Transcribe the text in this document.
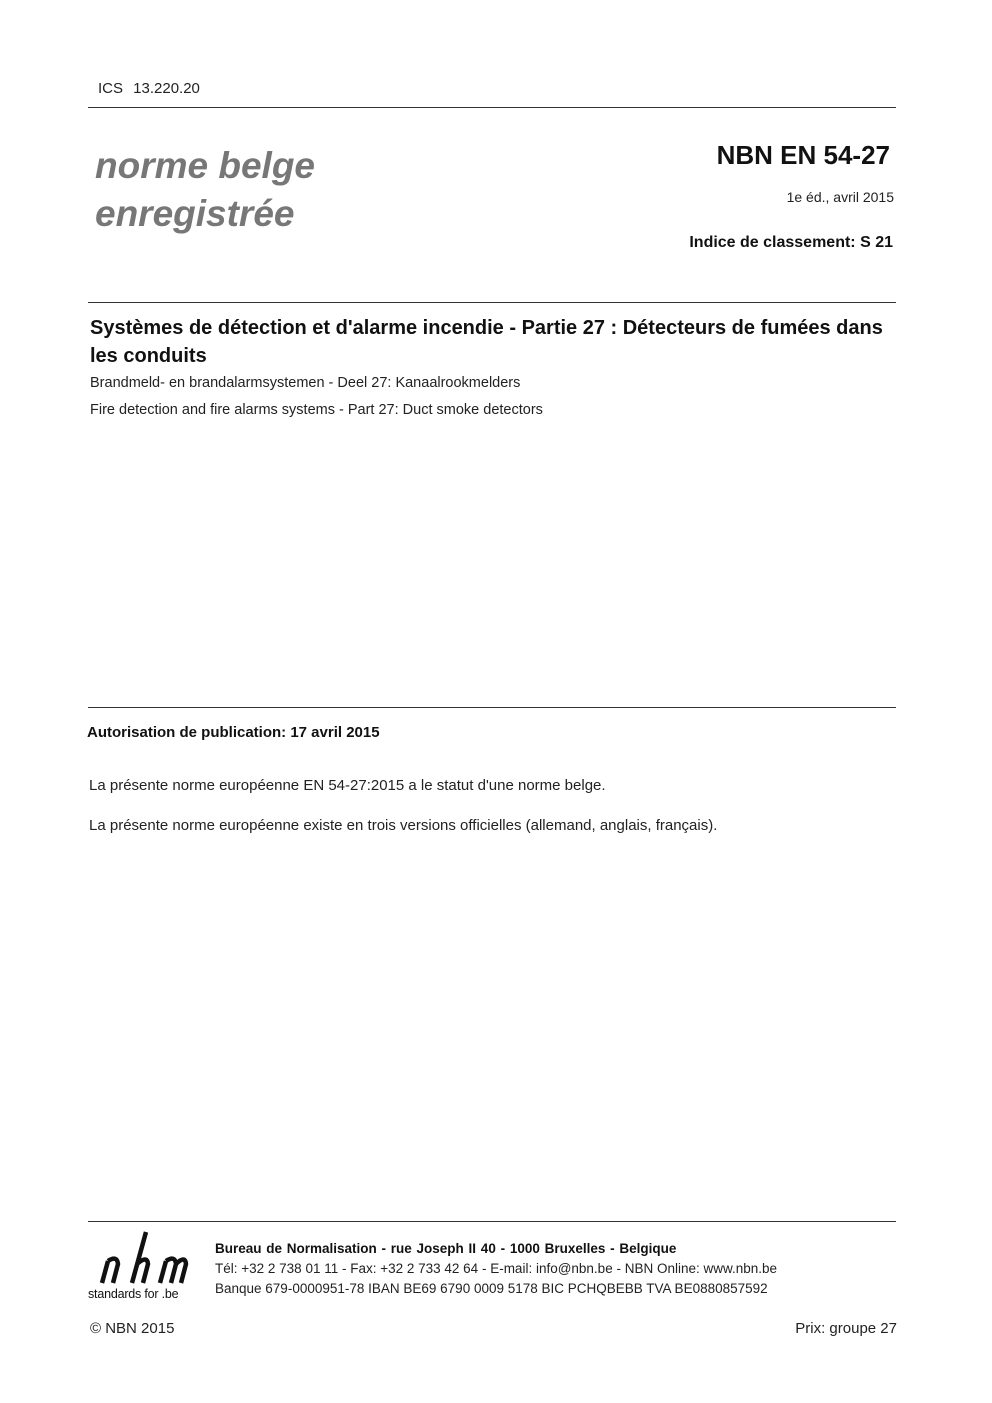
ICS 13.220.20
norme belge
enregistrée
NBN EN 54-27
1e éd., avril 2015
Indice de classement: S 21
Systèmes de détection et d'alarme incendie - Partie 27 : Détecteurs de fumées dans les conduits
Brandmeld- en brandalarmsystemen - Deel 27: Kanaalrookmelders
Fire detection and fire alarms systems - Part 27: Duct smoke detectors
Autorisation de publication: 17 avril 2015
La présente norme européenne EN 54-27:2015 a le statut d'une norme belge.
La présente norme européenne existe en trois versions officielles (allemand, anglais, français).
standards for .be
Bureau de Normalisation - rue Joseph II 40 - 1000 Bruxelles - Belgique
Tél: +32 2 738 01 11 - Fax: +32 2 733 42 64 - E-mail: info@nbn.be - NBN Online: www.nbn.be
Banque 679-0000951-78 IBAN BE69 6790 0009 5178 BIC PCHQBEBB TVA BE0880857592
© NBN 2015	Prix: groupe 27
